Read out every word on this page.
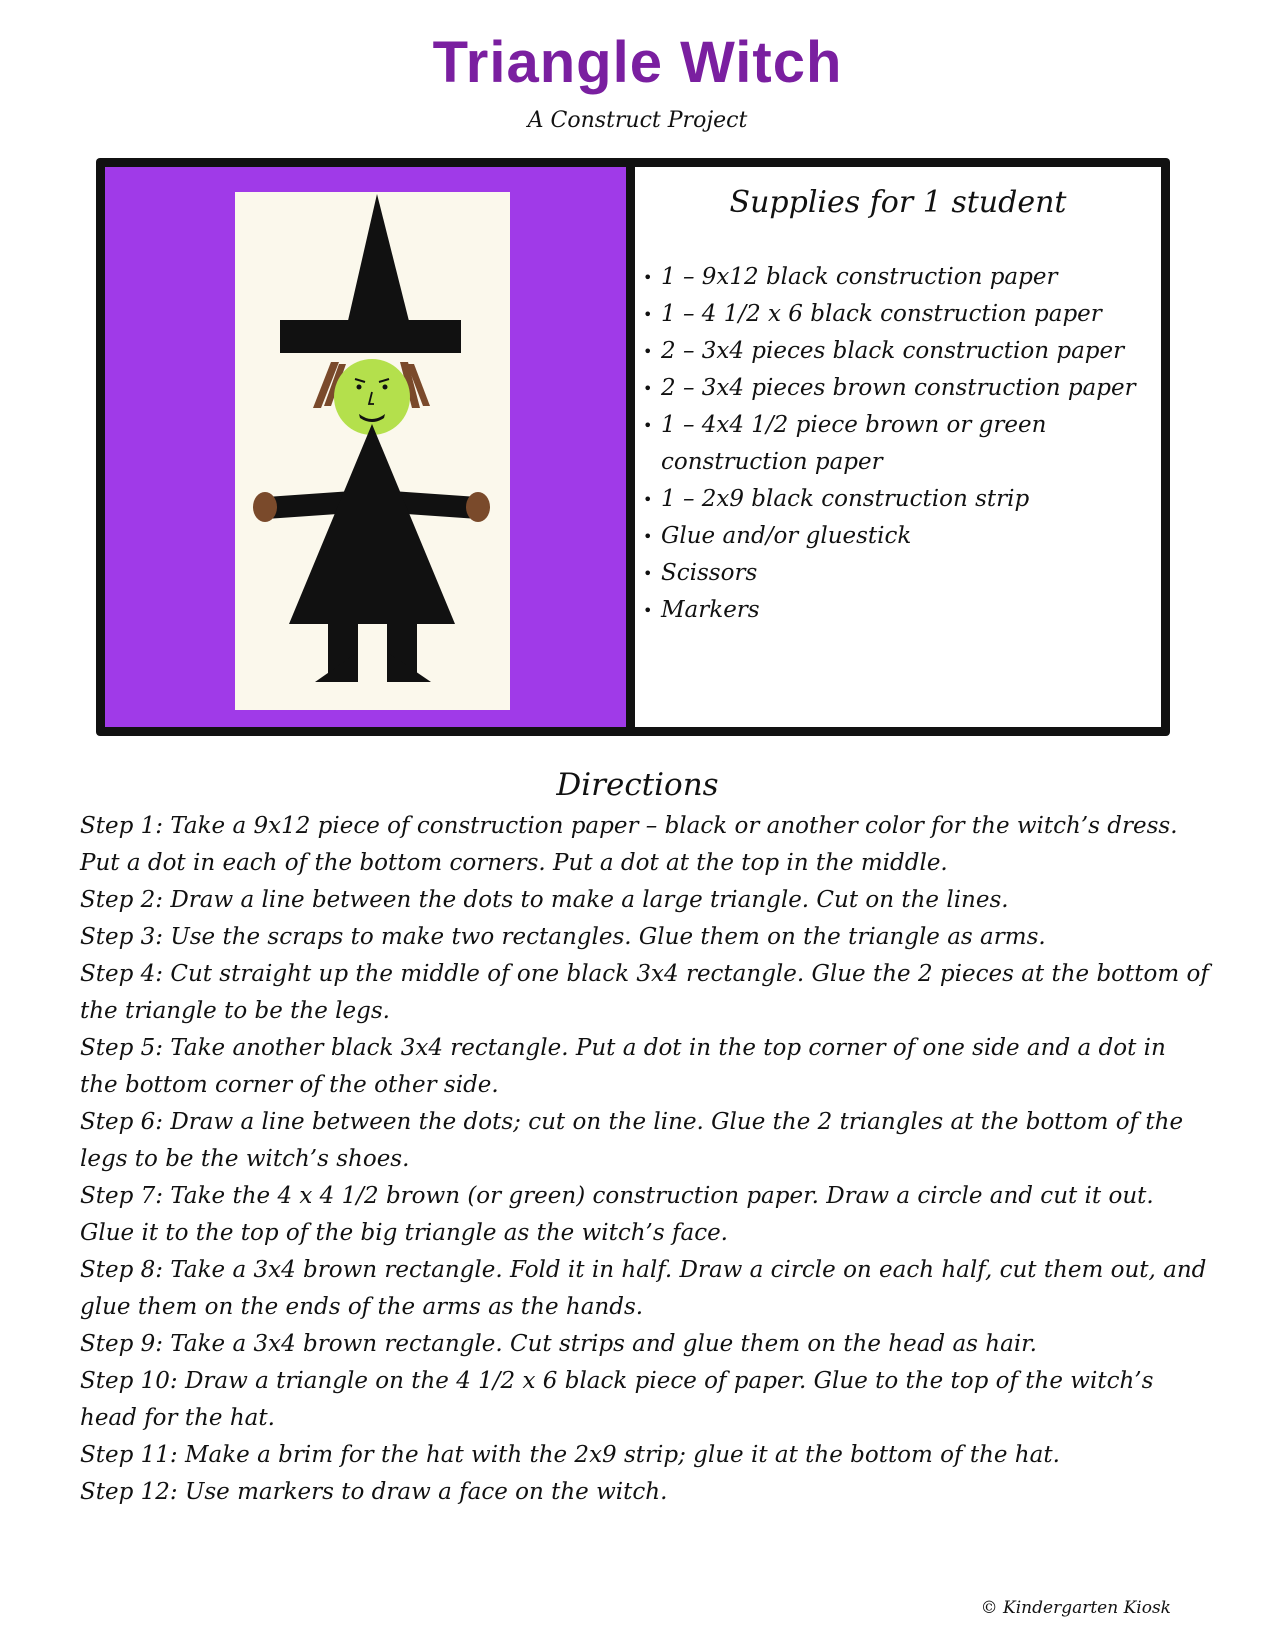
Triangle Witch
A Construct Project
Supplies for 1 student
• 1 – 9x12 black construction paper
• 1 – 4 1/2 x 6 black construction paper
• 2 – 3x4 pieces black construction paper
• 2 – 3x4 pieces brown construction paper
• 1 – 4x4 1/2 piece brown or green construction paper
• 1 – 2x9 black construction strip
• Glue and/or gluestick
• Scissors
• Markers
Directions
Step 1: Take a 9x12 piece of construction paper – black or another color for the witch’s dress. Put a dot in each of the bottom corners. Put a dot at the top in the middle.
Step 2: Draw a line between the dots to make a large triangle. Cut on the lines.
Step 3: Use the scraps to make two rectangles. Glue them on the triangle as arms.
Step 4: Cut straight up the middle of one black 3x4 rectangle. Glue the 2 pieces at the bottom of the triangle to be the legs.
Step 5: Take another black 3x4 rectangle. Put a dot in the top corner of one side and a dot in the bottom corner of the other side.
Step 6: Draw a line between the dots; cut on the line. Glue the 2 triangles at the bottom of the legs to be the witch’s shoes.
Step 7: Take the 4 x 4 1/2 brown (or green) construction paper. Draw a circle and cut it out. Glue it to the top of the big triangle as the witch’s face.
Step 8: Take a 3x4 brown rectangle. Fold it in half. Draw a circle on each half, cut them out, and glue them on the ends of the arms as the hands.
Step 9: Take a 3x4 brown rectangle. Cut strips and glue them on the head as hair.
Step 10: Draw a triangle on the 4 1/2 x 6 black piece of paper. Glue to the top of the witch’s head for the hat.
Step 11: Make a brim for the hat with the 2x9 strip; glue it at the bottom of the hat.
Step 12: Use markers to draw a face on the witch.
© Kindergarten Kiosk
